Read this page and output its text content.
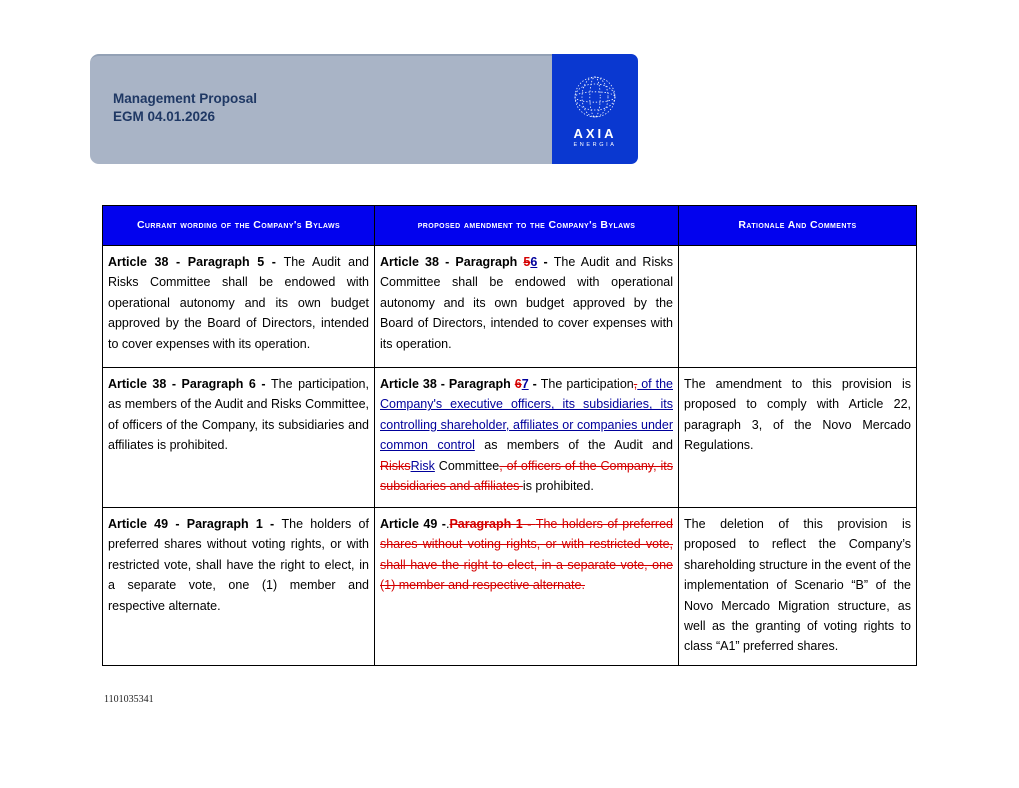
Management Proposal
EGM 04.01.2026
AXIA
ENERGIA
Currant wording of the Company's Bylaws	proposed amendment to the Company's Bylaws	Rationale And Comments
Article 38 - Paragraph 5 - The Audit and Risks Committee shall be endowed with operational autonomy and its own budget approved by the Board of Directors, intended to cover expenses with its operation.	Article 38 - Paragraph 56 - The Audit and Risks Committee shall be endowed with operational autonomy and its own budget approved by the Board of Directors, intended to cover expenses with its operation.	
Article 38 - Paragraph 6 - The participation, as members of the Audit and Risks Committee, of officers of the Company, its subsidiaries and affiliates is prohibited.	Article 38 - Paragraph 67 - The participation, of the Company's executive officers, its subsidiaries, its controlling shareholder, affiliates or companies under common control as members of the Audit and RisksRisk Committee, of officers of the Company, its subsidiaries and affiliates is prohibited.	The amendment to this provision is proposed to comply with Article 22, paragraph 3, of the Novo Mercado Regulations.
Article 49 - Paragraph 1 - The holders of preferred shares without voting rights, or with restricted vote, shall have the right to elect, in a separate vote, one (1) member and respective alternate.	Article 49 -.Paragraph 1 - The holders of preferred shares without voting rights, or with restricted vote, shall have the right to elect, in a separate vote, one (1) member and respective alternate.	The deletion of this provision is proposed to reflect the Company’s shareholding structure in the event of the implementation of Scenario “B” of the Novo Mercado Migration structure, as well as the granting of voting rights to class “A1” preferred shares.
1101035341
